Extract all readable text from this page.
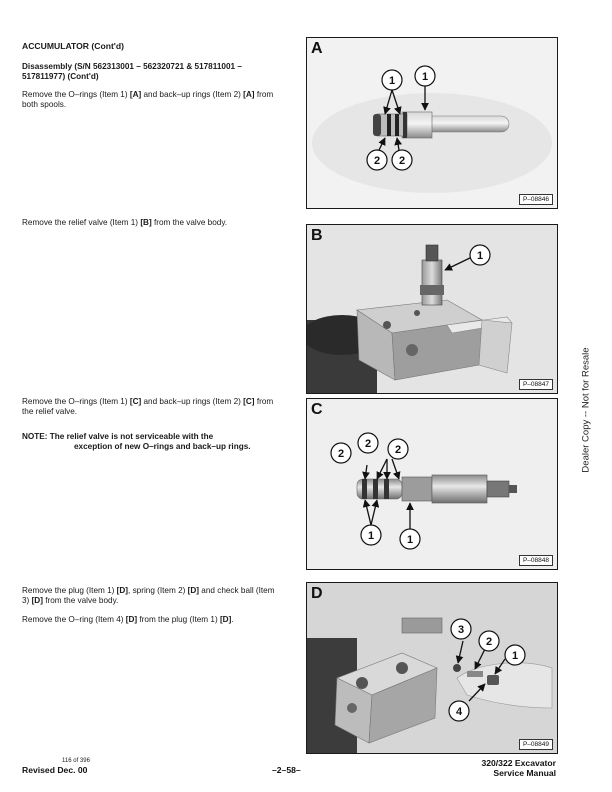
ACCUMULATOR (Cont'd)
Disassembly (S/N 562313001 – 562320721 & 517811001 –517811977) (Cont'd)
Remove the O–rings (Item 1) [A] and back–up rings (Item 2) [A] from both spools.
Remove the relief valve (Item 1) [B] from the valve body.
Remove the O–rings (Item 1) [C] and back–up rings (Item 2) [C] from the relief valve.
NOTE: The relief valve is not serviceable with the
exception of new O–rings and back–up rings.
Remove the plug (Item 1) [D], spring (Item 2) [D] and check ball (Item 3) [D] from the valve body.
Remove the O–ring (Item 4) [D] from the plug (Item 1) [D].
1 1
2 2
A
P–08846
1
B
P–08847
2
2 2
1	1
C
P–08848
3
2
1
4
D
P–08849
Dealer Copy -- Not for Resale
Revised Dec. 00
116 of 396
–2–58–
320/322 Excavator
Service Manual
